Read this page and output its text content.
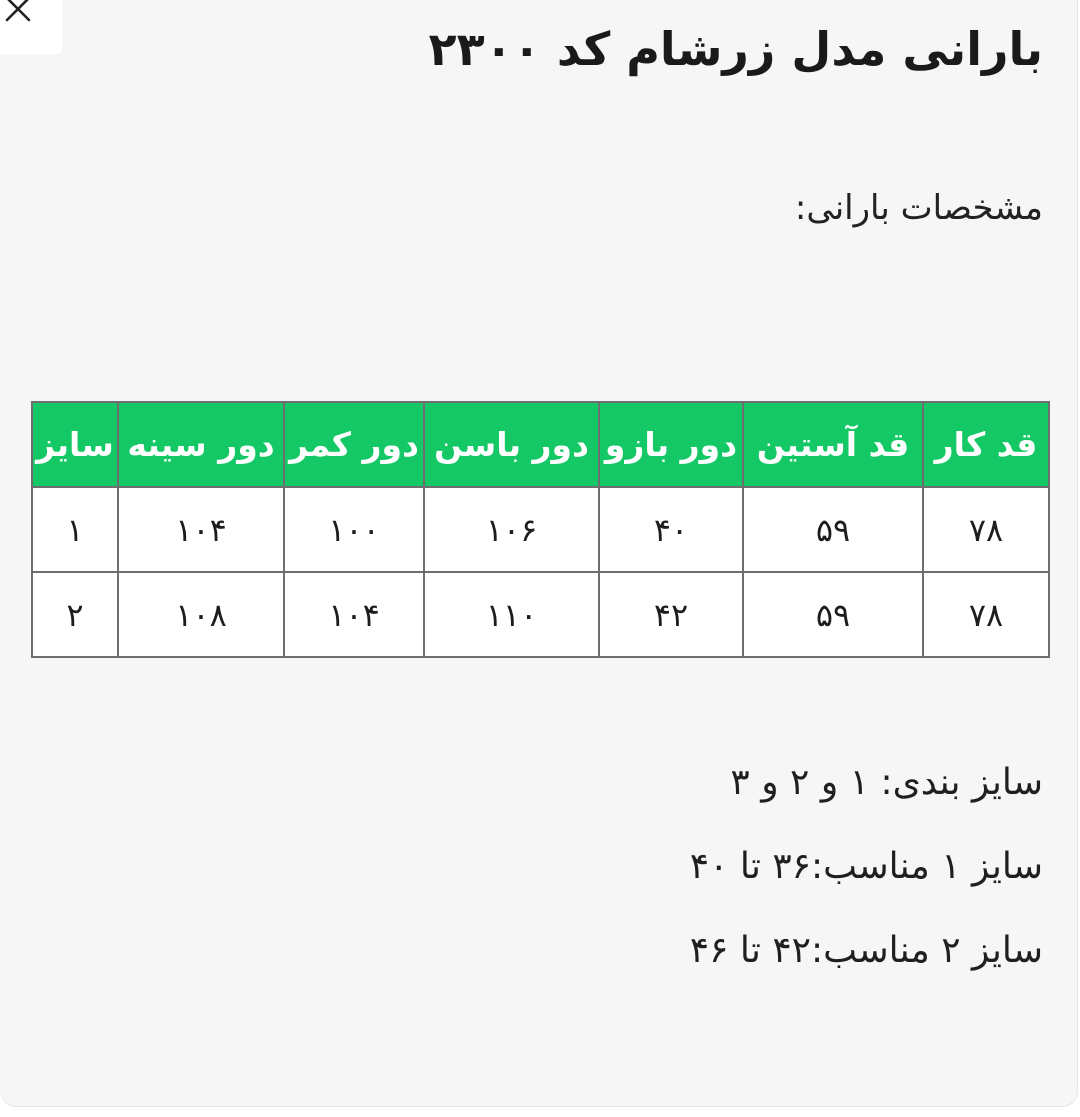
بارانی مدل زرشام کد ۲۳۰۰
مشخصات بارانی:
قد کار	قد آستین	دور بازو	دور باسن	دور کمر	دور سینه	سایز
۷۸	۵۹	۴۰	۱۰۶	۱۰۰	۱۰۴	۱
۷۸	۵۹	۴۲	۱۱۰	۱۰۴	۱۰۸	۲
سایز بندی: ۱ و ۲ و ۳
سایز ۱ مناسب:۳۶ تا ۴۰
سایز ۲ مناسب:۴۲ تا ۴۶
